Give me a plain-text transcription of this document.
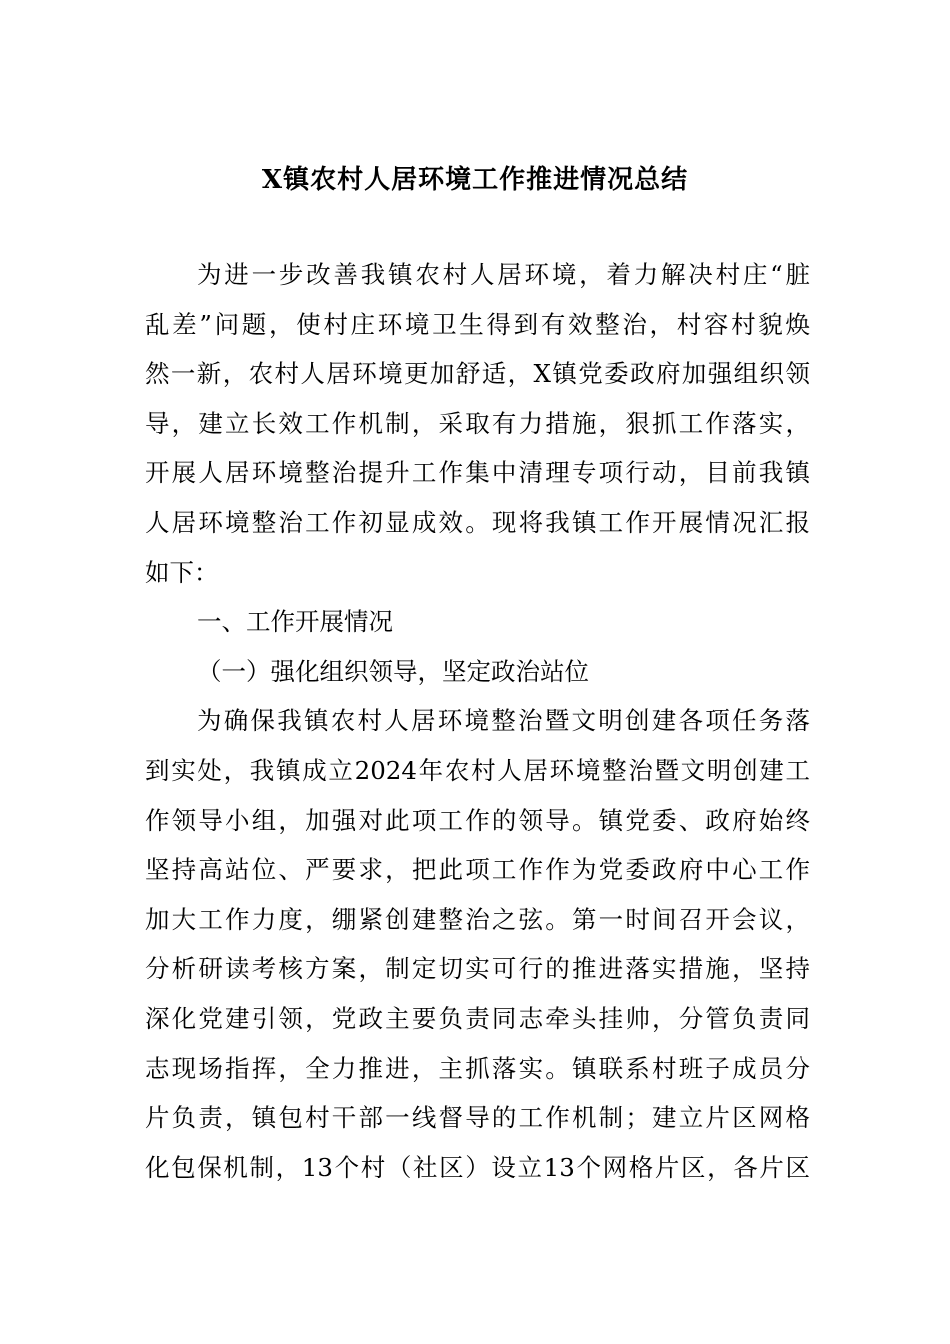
X镇农村人居环境工作推进情况总结
为进一步改善我镇农村人居环境，着力解决村庄“脏
乱差”问题，使村庄环境卫生得到有效整治，村容村貌焕
然一新，农村人居环境更加舒适，X镇党委政府加强组织领
导，建立长效工作机制，采取有力措施，狠抓工作落实，
开展人居环境整治提升工作集中清理专项行动，目前我镇
人居环境整治工作初显成效。现将我镇工作开展情况汇报
如下：
一、工作开展情况
（一）强化组织领导，坚定政治站位
为确保我镇农村人居环境整治暨文明创建各项任务落
到实处，我镇成立2024年农村人居环境整治暨文明创建工
作领导小组，加强对此项工作的领导。镇党委、政府始终
坚持高站位、严要求，把此项工作作为党委政府中心工作
加大工作力度，绷紧创建整治之弦。第一时间召开会议，
分析研读考核方案，制定切实可行的推进落实措施，坚持
深化党建引领，党政主要负责同志牵头挂帅，分管负责同
志现场指挥，全力推进，主抓落实。镇联系村班子成员分
片负责，镇包村干部一线督导的工作机制；建立片区网格
化包保机制，13个村（社区）设立13个网格片区，各片区
